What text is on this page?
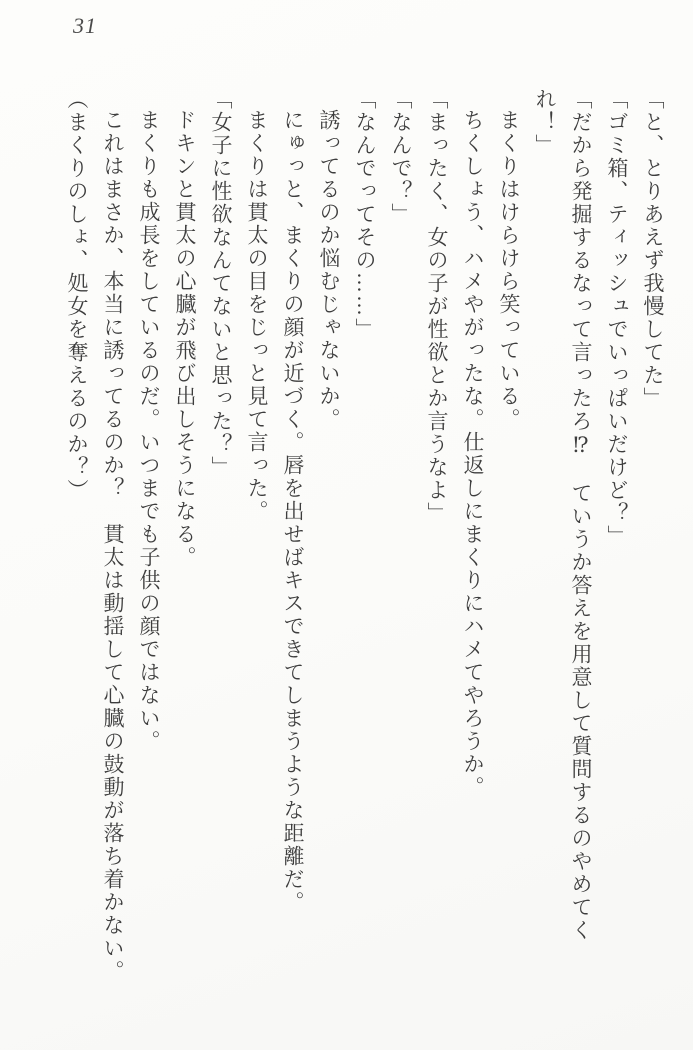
31

「と、とりあえず我慢してた」

「ゴミ箱、ティッシュでいっぱいだけど？」

「だから発掘するなって言ったろ⁉　ていうか答えを用意して質問するのやめてく

れ！」

まくりはけらけら笑っている。

ちくしょう、ハメやがったな。仕返しにまくりにハメてやろうか。

「まったく、女の子が性欲とか言うなよ」

「なんで？」

「なんでってその……」

誘ってるのか悩むじゃないか。

にゅっと、まくりの顔が近づく。唇を出せばキスできてしまうような距離だ。

まくりは貫太の目をじっと見て言った。

「女子に性欲なんてないと思った？」

ドキンと貫太の心臓が飛び出しそうになる。

まくりも成長をしているのだ。いつまでも子供の顔ではない。

これはまさか、本当に誘ってるのか？　貫太は動揺して心臓の鼓動が落ち着かない。

（まくりのしょ、処女を奪えるのか？）
